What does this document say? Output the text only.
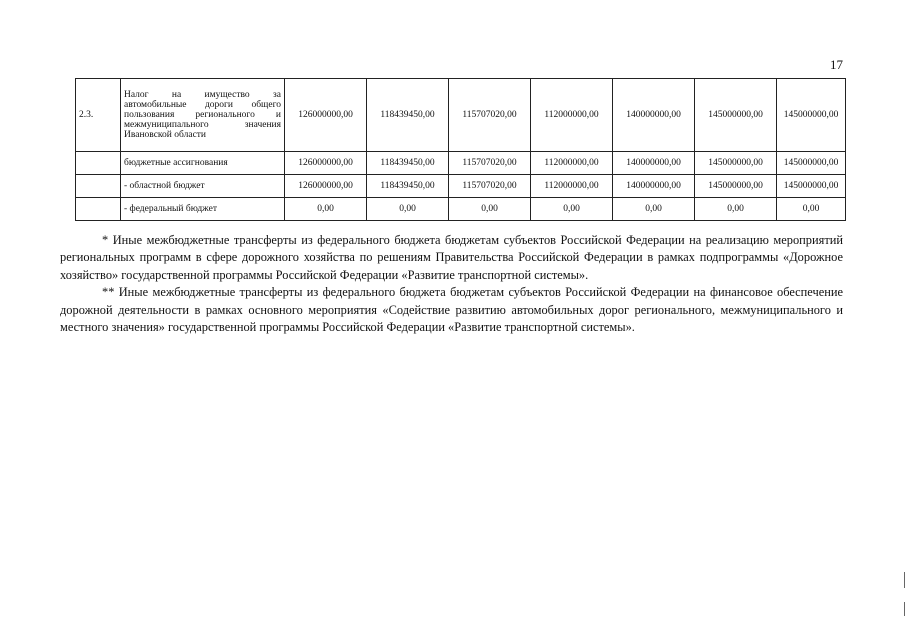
17
2.3.	Налог на имущество за автомобильные дороги общего пользования регионального и межмуниципального значения Ивановской области	126000000,00	118439450,00	115707020,00	112000000,00	140000000,00	145000000,00	145000000,00
	бюджетные ассигнования	126000000,00	118439450,00	115707020,00	112000000,00	140000000,00	145000000,00	145000000,00
	- областной бюджет	126000000,00	118439450,00	115707020,00	112000000,00	140000000,00	145000000,00	145000000,00
	- федеральный бюджет	0,00	0,00	0,00	0,00	0,00	0,00	0,00

* Иные межбюджетные трансферты из федерального бюджета бюджетам субъектов Российской Федерации на реализацию мероприятий региональных программ в сфере дорожного хозяйства по решениям Правительства Российской Федерации в рамках подпрограммы «Дорожное хозяйство» государственной программы Российской Федерации «Развитие транспортной системы».

** Иные межбюджетные трансферты из федерального бюджета бюджетам субъектов Российской Федерации на финансовое обеспечение дорожной деятельности в рамках основного мероприятия «Содействие развитию автомобильных дорог регионального, межмуниципального и местного значения» государственной программы Российской Федерации «Развитие транспортной системы».
